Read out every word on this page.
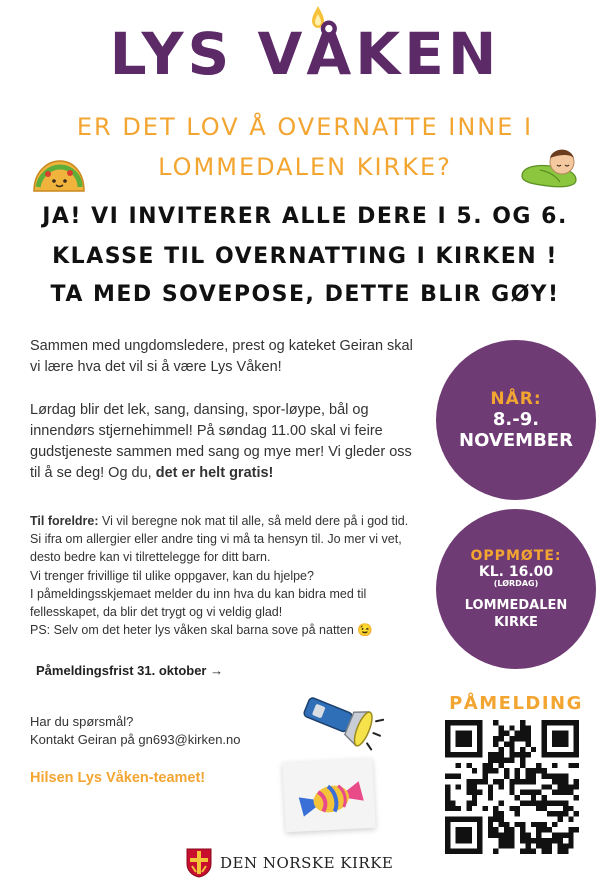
LYS VÅKEN
ER DET LOV Å OVERNATTE INNE I
LOMMEDALEN KIRKE?
JA! VI INVITERER ALLE DERE I 5. OG 6.
KLASSE TIL OVERNATTING I KIRKEN !
TA MED SOVEPOSE, DETTE BLIR GØY!
Sammen med ungdomsledere, prest og kateket Geiran skal vi lære hva det vil si å være Lys Våken!
Lørdag blir det lek, sang, dansing, spor-løype, bål og innendørs stjernehimmel! På søndag 11.00 skal vi feire gudstjeneste sammen med sang og mye mer! Vi gleder oss til å se deg! Og du, det er helt gratis!
Til foreldre: Vi vil beregne nok mat til alle, så meld dere på i god tid. Si ifra om allergier eller andre ting vi må ta hensyn til. Jo mer vi vet, desto bedre kan vi tilrettelegge for ditt barn.
Vi trenger frivillige til ulike oppgaver, kan du hjelpe?
I påmeldingsskjemaet melder du inn hva du kan bidra med til fellesskapet, da blir det trygt og vi veldig glad!
PS: Selv om det heter lys våken skal barna sove på natten 😉
Påmeldingsfrist 31. oktober →
Har du spørsmål?
Kontakt Geiran på gn693@kirken.no
Hilsen Lys Våken-teamet!
NÅR:
8.-9.
NOVEMBER
OPPMØTE:
KL. 16.00
(LØRDAG)
LOMMEDALEN
KIRKE
PÅMELDING
DEN NORSKE KIRKE
